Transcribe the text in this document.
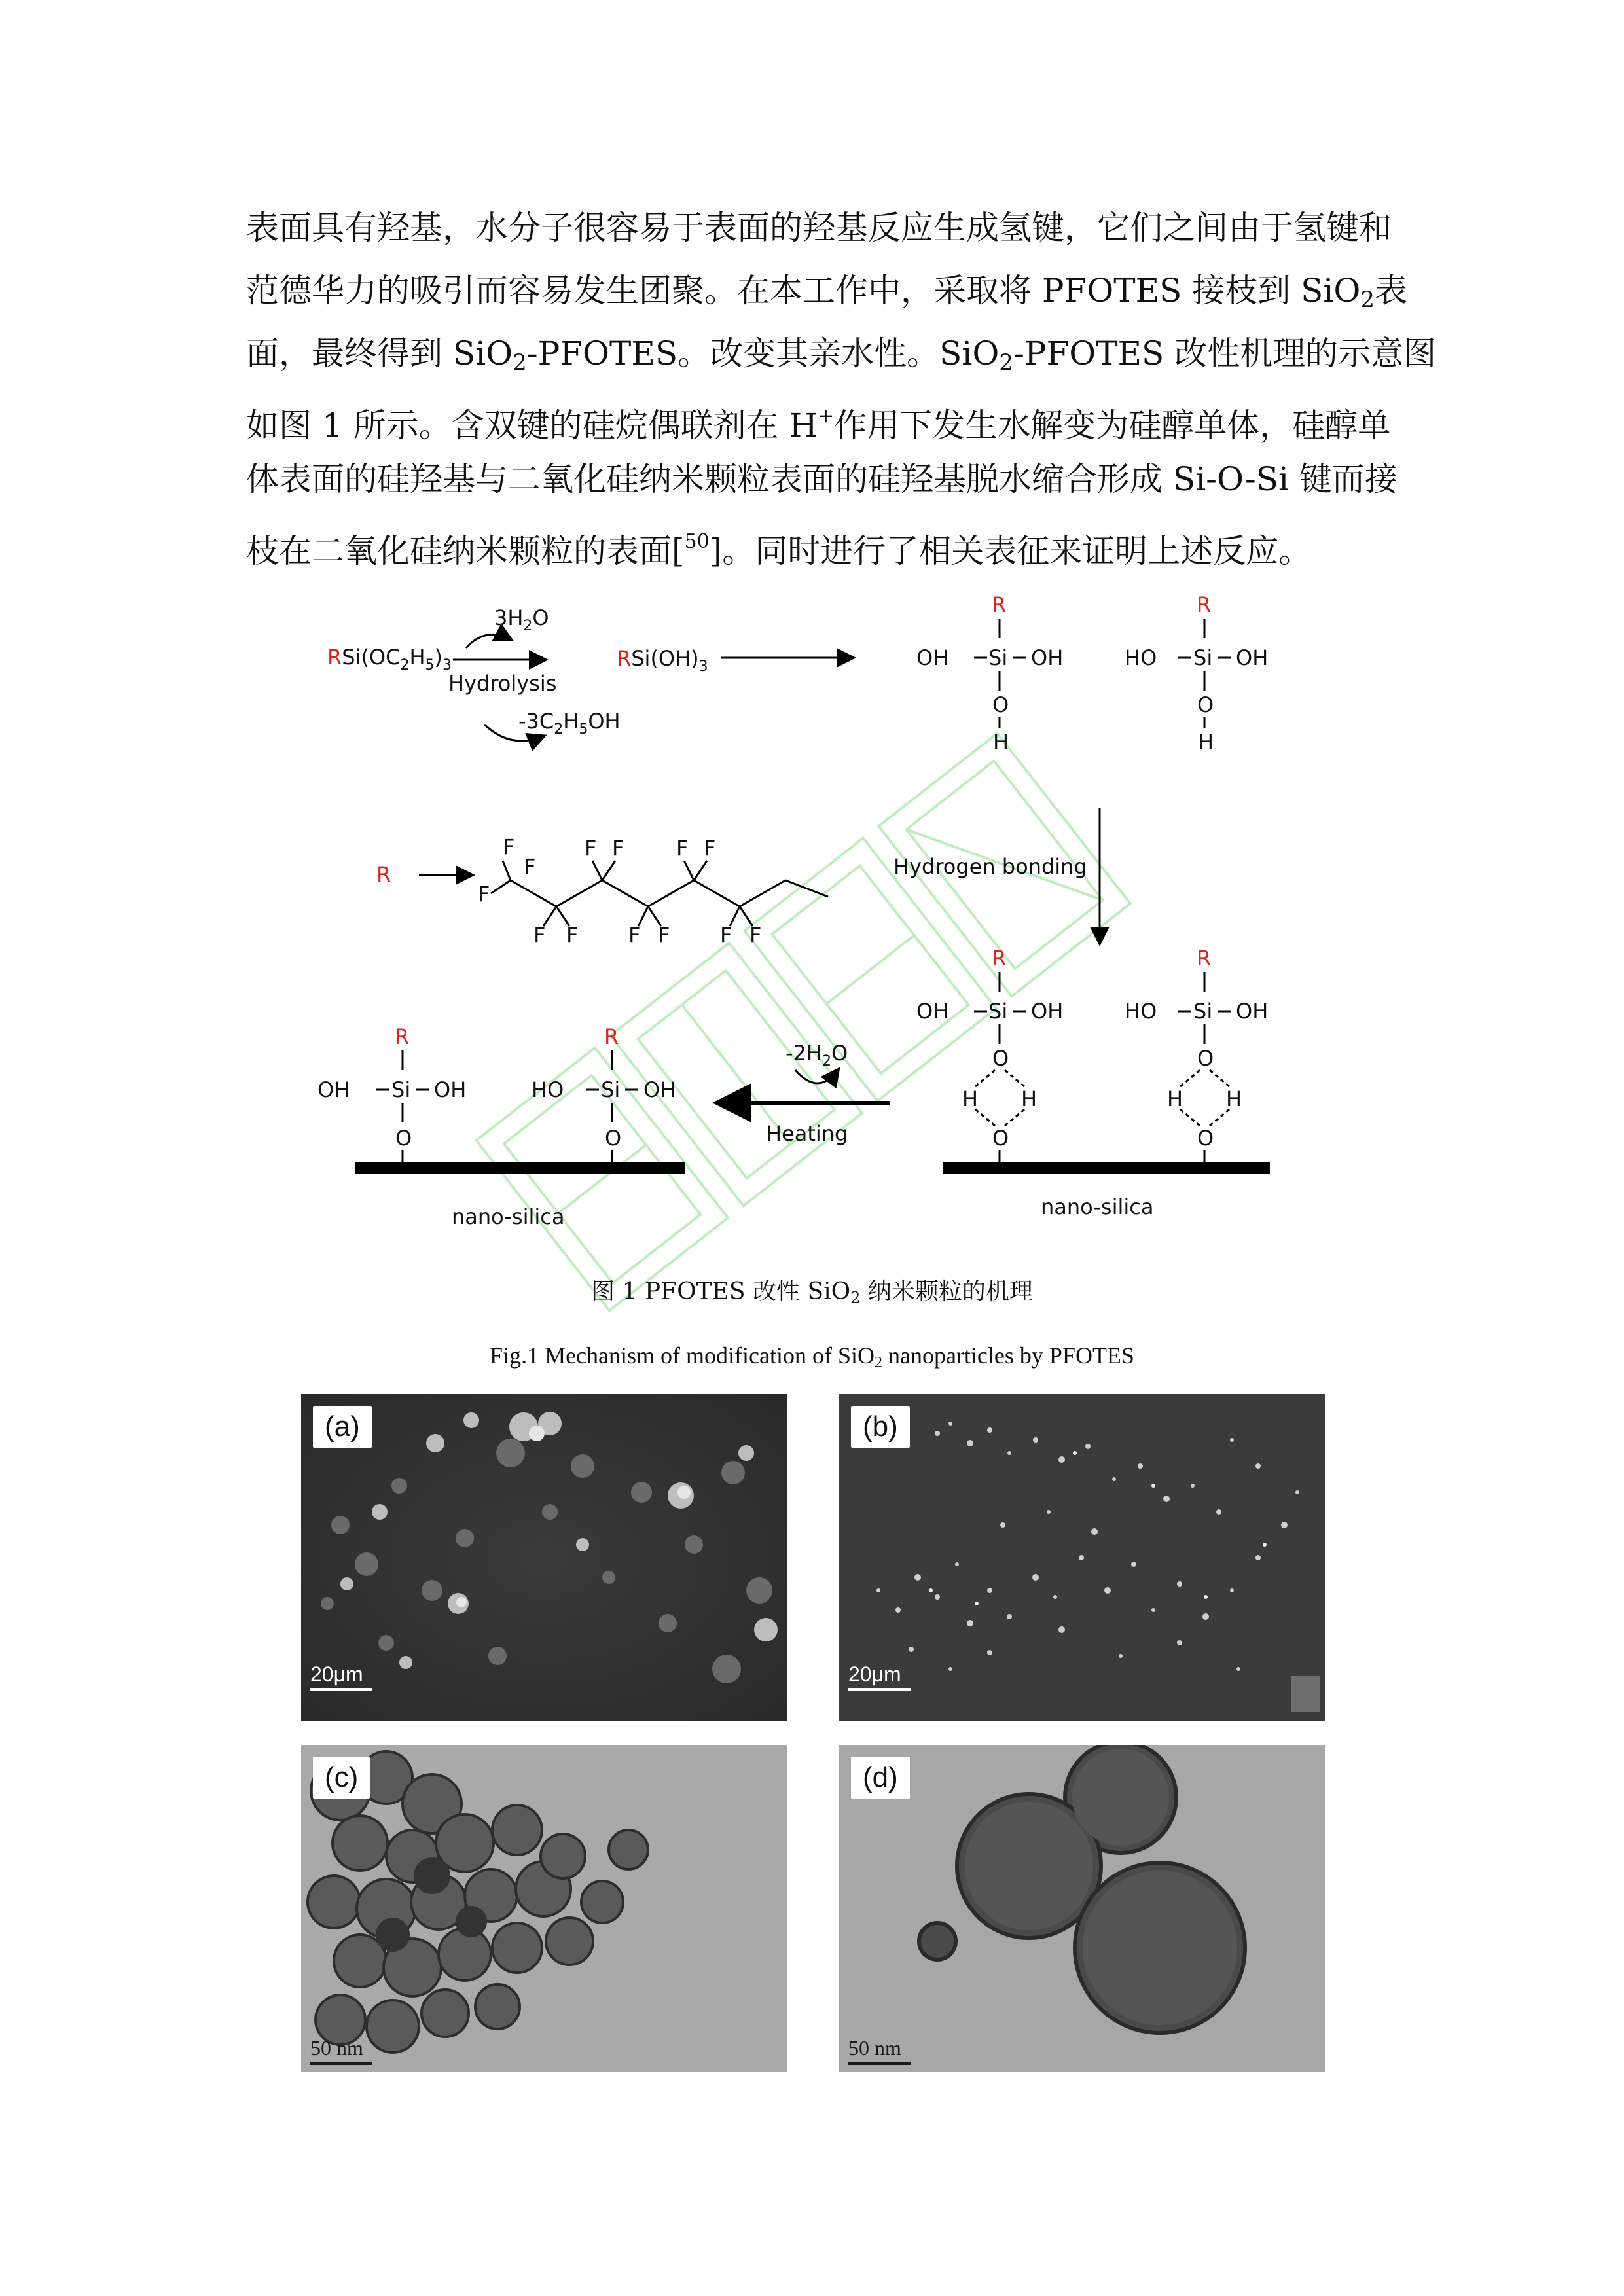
表面具有羟基，水分子很容易于表面的羟基反应生成氢键，它们之间由于氢键和
范德华力的吸引而容易发生团聚。在本工作中，采取将 PFOTES 接枝到 SiO$_2$表
面，最终得到 SiO$_2$-PFOTES。改变其亲水性。SiO$_2$-PFOTES 改性机理的示意图
如图 1 所示。含双键的硅烷偶联剂在 H+作用下发生水解变为硅醇单体，硅醇单
体表面的硅羟基与二氧化硅纳米颗粒表面的硅羟基脱水缩合形成 Si-O-Si 键而接
枝在二氧化硅纳米颗粒的表面[$^{50}$]。同时进行了相关表征来证明上述反应。
$RSi(OC_2H_5)_3$
$3H_2O$
Hydrolysis
$-3C_2H_5OH$
$RSi(OH)_3$
R
OH Si OH
O
H
R
HO Si OH
O
H
R
F
F
F
F F
F F
F F
F F
F F
Hydrogen bonding
R
OH Si OH
O
H H
O
R
HO Si OH
O
H H
O
$-2H_2O$
Heating
R
OH Si OH
O
R
HO Si OH
O
nano-silica	nano-silica
图 1 PFOTES 改性 SiO$_2$ 纳米颗粒的机理
Fig.1 Mechanism of modification of SiO2 nanoparticles by PFOTES
(a)
20μm
(b)
20μm
(c)
50 nm
(d)
50 nm
